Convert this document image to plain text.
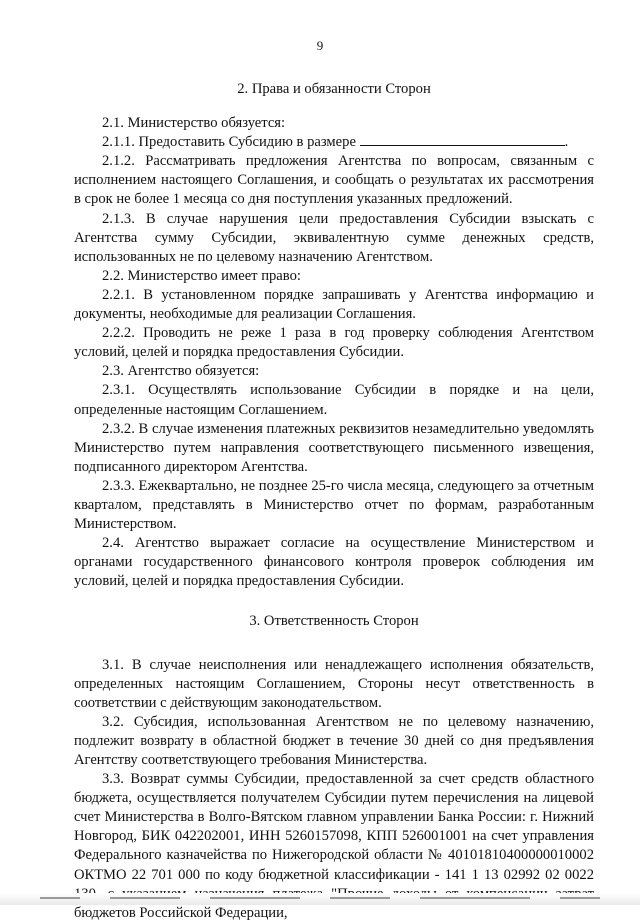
9
2. Права и обязанности Сторон

2.1. Министерство обязуется:

2.1.1. Предоставить Субсидию в размере	.

2.1.2. Рассматривать предложения Агентства по вопросам, связанным с исполнением настоящего Соглашения, и сообщать о результатах их рассмотрения в срок не более 1 месяца со дня поступления указанных предложений.

2.1.3. В случае нарушения цели предоставления Субсидии взыскать с Агентства сумму Субсидии, эквивалентную сумме денежных средств, использованных не по целевому назначению Агентством.

2.2. Министерство имеет право:

2.2.1. В установленном порядке запрашивать у Агентства информацию и документы, необходимые для реализации Соглашения.

2.2.2. Проводить не реже 1 раза в год проверку соблюдения Агентством условий, целей и порядка предоставления Субсидии.

2.3. Агентство обязуется:

2.3.1. Осуществлять использование Субсидии в порядке и на цели, определенные настоящим Соглашением.

2.3.2. В случае изменения платежных реквизитов незамедлительно уведомлять Министерство путем направления соответствующего письменного извещения, подписанного директором Агентства.

2.3.3. Ежеквартально, не позднее 25-го числа месяца, следующего за отчетным кварталом, представлять в Министерство отчет по формам, разработанным Министерством.

2.4. Агентство выражает согласие на осуществление Министерством и органами государственного финансового контроля проверок соблюдения им условий, целей и порядка предоставления Субсидии.

3. Ответственность Сторон

3.1. В случае неисполнения или ненадлежащего исполнения обязательств, определенных настоящим Соглашением, Стороны несут ответственность в соответствии с действующим законодательством.

3.2. Субсидия, использованная Агентством не по целевому назначению, подлежит возврату в областной бюджет в течение 30 дней со дня предъявления Агентству соответствующего требования Министерства.

3.3. Возврат суммы Субсидии, предоставленной за счет средств областного бюджета, осуществляется получателем Субсидии путем перечисления на лицевой счет Министерства в Волго-Вятском главном управлении Банка России: г. Нижний Новгород, БИК 042202001, ИНН 5260157098, КПП 526001001 на счет управления Федерального казначейства по Нижегородской области № 40101810400000010002 ОКТМО 22 701 000 по коду бюджетной классификации - 141 1 13 02992 02 0022 бюджетов Российской Федерации,
